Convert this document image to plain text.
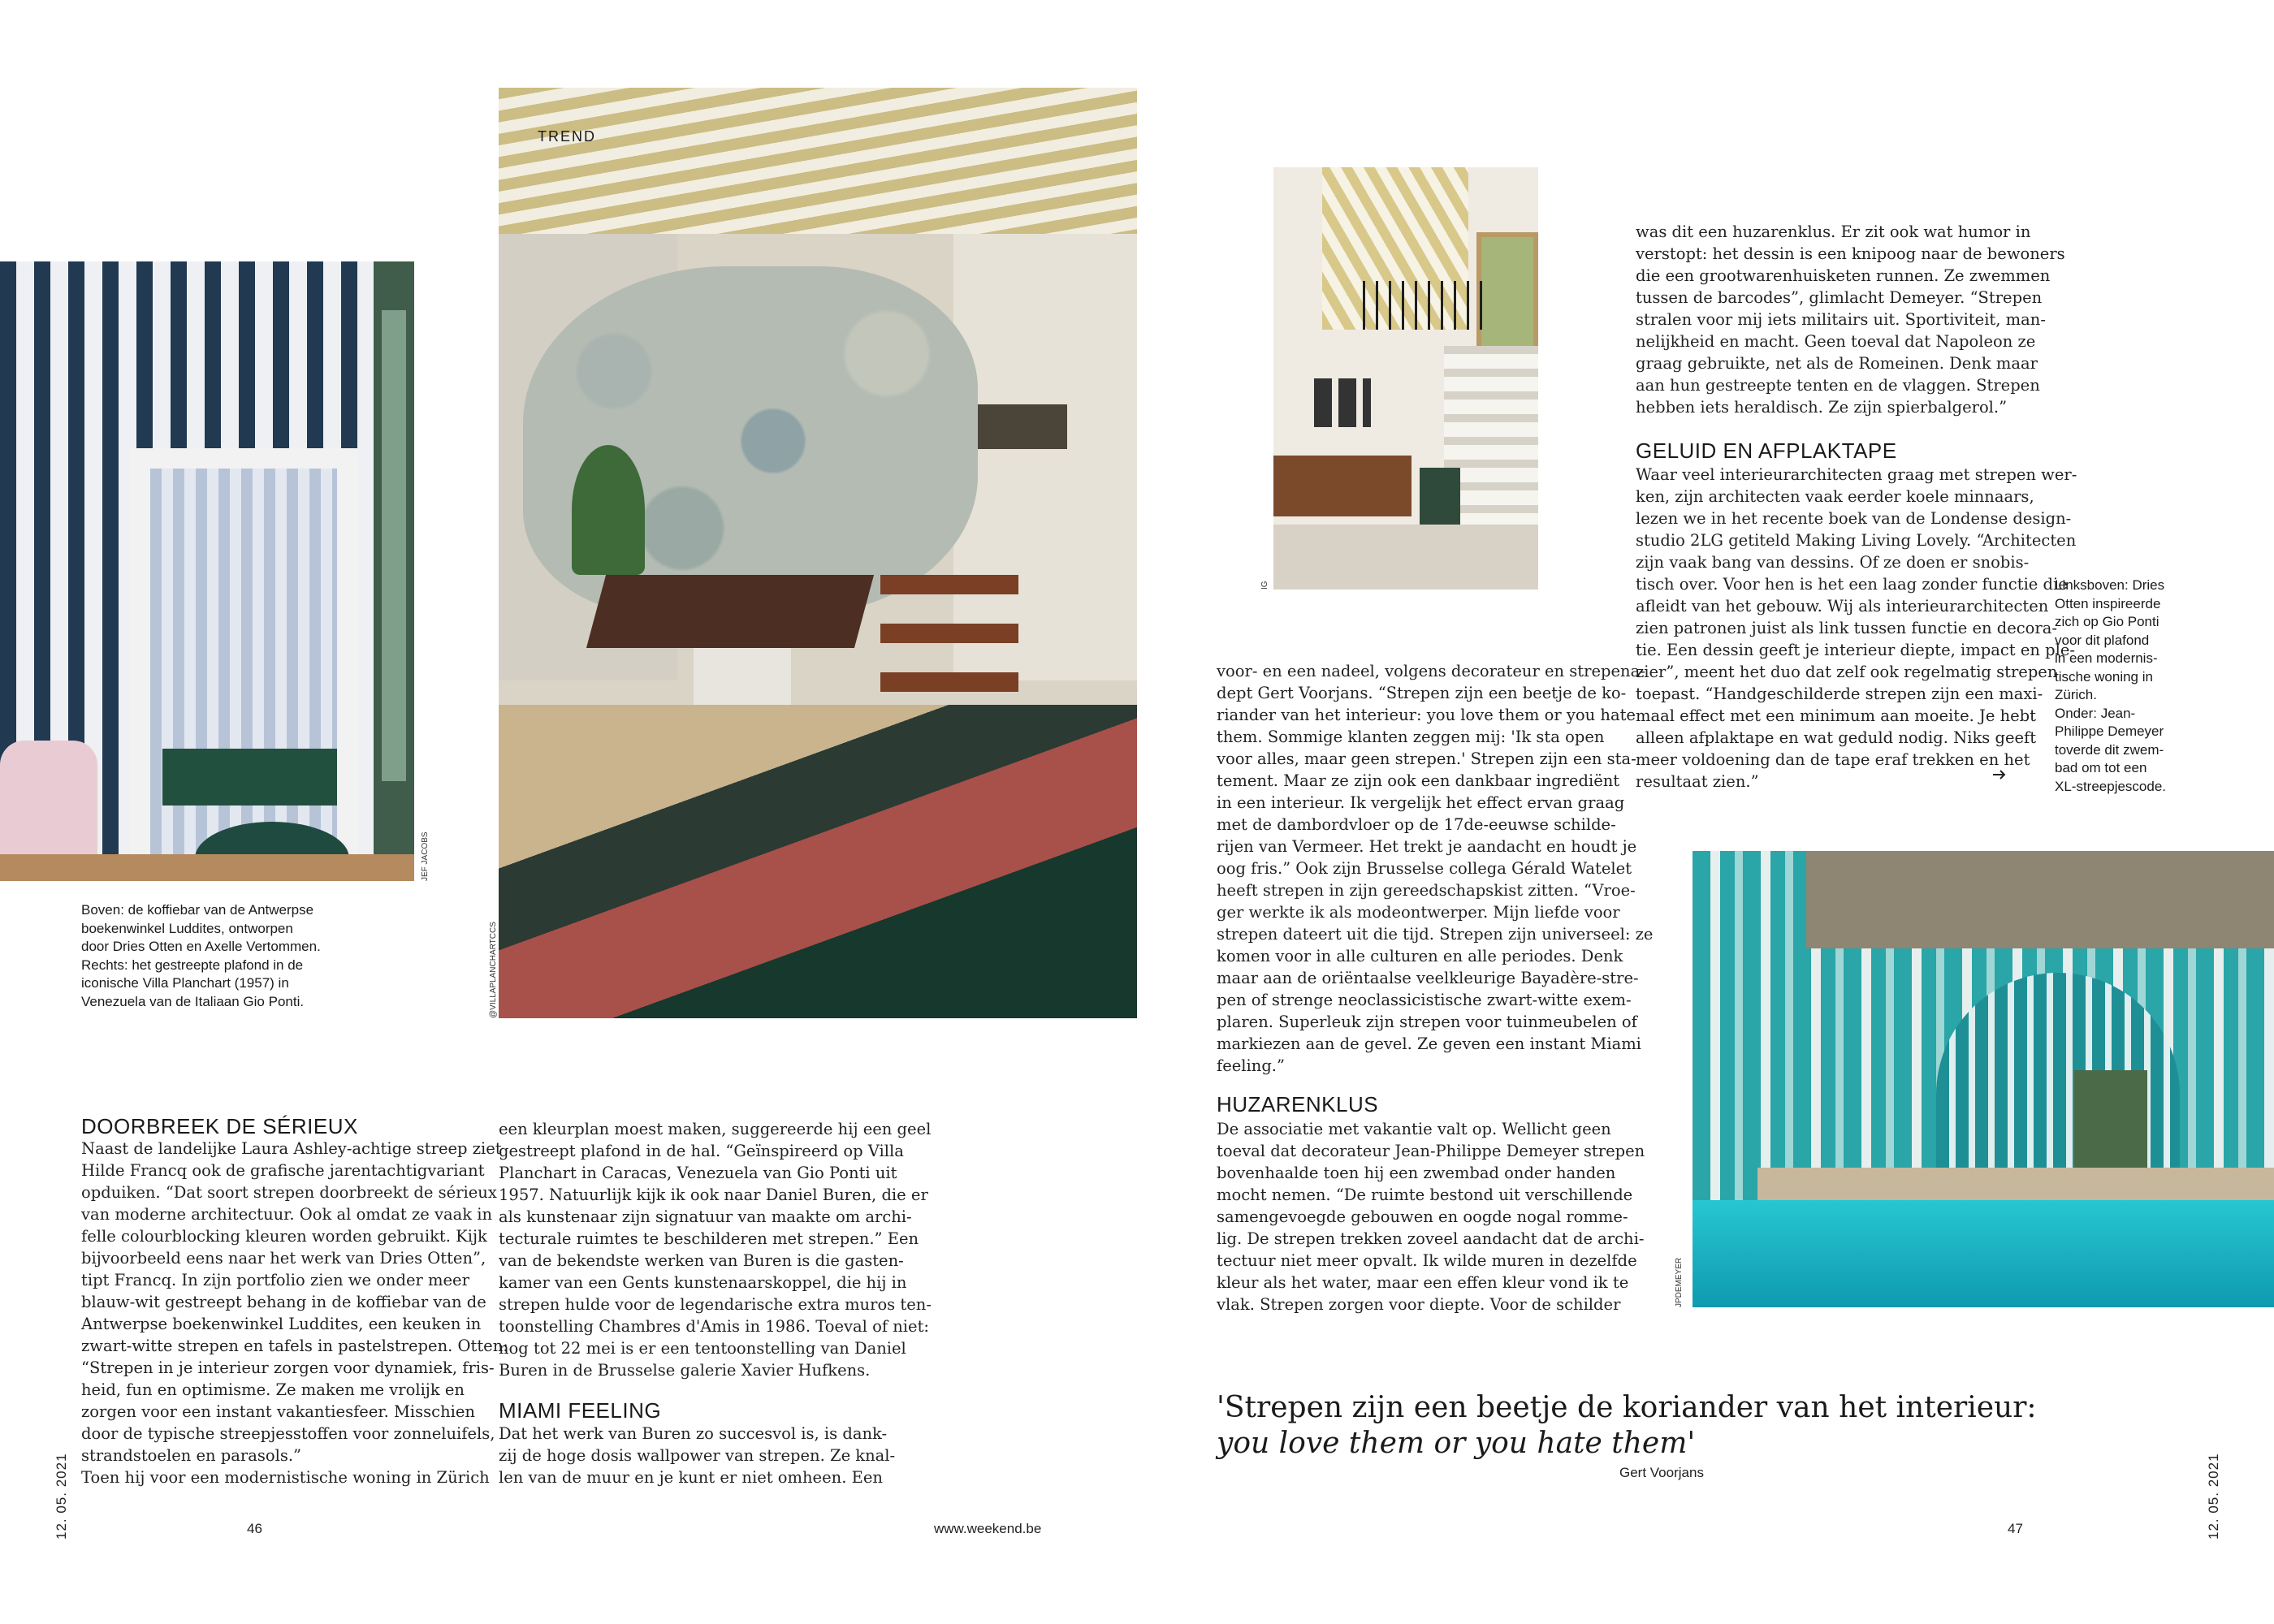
JEF JACOBS
Boven: de koffiebar van de Antwerpse
boekenwinkel Luddites, ontworpen
door Dries Otten en Axelle Vertommen.
Rechts: het gestreepte plafond in de
iconische Villa Planchart (1957) in
Venezuela van de Italiaan Gio Ponti.
TREND
@VILLAPLANCHARTCCS
IG
JPDEMEYER
Linksboven: Dries
Otten inspireerde
zich op Gio Ponti
voor dit plafond
in een modernis-
tische woning in
Zürich.
Onder: Jean-
Philippe Demeyer
toverde dit zwem-
bad om tot een
XL-streepjescode.
DOORBREEK DE SÉRIEUX
Naast de landelijke Laura Ashley-achtige streep ziet
Hilde Francq ook de grafische jarentachtigvariant
opduiken. “Dat soort strepen doorbreekt de sérieux
van moderne architectuur. Ook al omdat ze vaak in
felle colourblocking kleuren worden gebruikt. Kijk
bijvoorbeeld eens naar het werk van Dries Otten”,
tipt Francq. In zijn portfolio zien we onder meer
blauw-wit gestreept behang in de koffiebar van de
Antwerpse boekenwinkel Luddites, een keuken in
zwart-witte strepen en tafels in pastelstrepen. Otten:
“Strepen in je interieur zorgen voor dynamiek, fris-
heid, fun en optimisme. Ze maken me vrolijk en
zorgen voor een instant vakantiesfeer. Misschien
door de typische streepjesstoffen voor zonneluifels,
strandstoelen en parasols.”
Toen hij voor een modernistische woning in Zürich
een kleurplan moest maken, suggereerde hij een geel
gestreept plafond in de hal. “Geïnspireerd op Villa
Planchart in Caracas, Venezuela van Gio Ponti uit
1957. Natuurlijk kijk ik ook naar Daniel Buren, die er
als kunstenaar zijn signatuur van maakte om archi-
tecturale ruimtes te beschilderen met strepen.” Een
van de bekendste werken van Buren is die gasten-
kamer van een Gents kunstenaarskoppel, die hij in
strepen hulde voor de legendarische extra muros ten-
toonstelling Chambres d'Amis in 1986. Toeval of niet:
nog tot 22 mei is er een tentoonstelling van Daniel
Buren in de Brusselse galerie Xavier Hufkens.
MIAMI FEELING
Dat het werk van Buren zo succesvol is, is dank-
zij de hoge dosis wallpower van strepen. Ze knal-
len van de muur en je kunt er niet omheen. Een
voor- en een nadeel, volgens decorateur en strepena-
dept Gert Voorjans. “Strepen zijn een beetje de ko-
riander van het interieur: you love them or you hate
them. Sommige klanten zeggen mij: 'Ik sta open
voor alles, maar geen strepen.' Strepen zijn een sta-
tement. Maar ze zijn ook een dankbaar ingrediënt
in een interieur. Ik vergelijk het effect ervan graag
met de dambordvloer op de 17de-eeuwse schilde-
rijen van Vermeer. Het trekt je aandacht en houdt je
oog fris.” Ook zijn Brusselse collega Gérald Watelet
heeft strepen in zijn gereedschapskist zitten. “Vroe-
ger werkte ik als modeontwerper. Mijn liefde voor
strepen dateert uit die tijd. Strepen zijn universeel: ze
komen voor in alle culturen en alle periodes. Denk
maar aan de oriëntaalse veelkleurige Bayadère-stre-
pen of strenge neoclassicistische zwart-witte exem-
plaren. Superleuk zijn strepen voor tuinmeubelen of
markiezen aan de gevel. Ze geven een instant Miami
feeling.”
HUZARENKLUS
De associatie met vakantie valt op. Wellicht geen
toeval dat decorateur Jean-Philippe Demeyer strepen
bovenhaalde toen hij een zwembad onder handen
mocht nemen. “De ruimte bestond uit verschillende
samengevoegde gebouwen en oogde nogal romme-
lig. De strepen trekken zoveel aandacht dat de archi-
tectuur niet meer opvalt. Ik wilde muren in dezelfde
kleur als het water, maar een effen kleur vond ik te
vlak. Strepen zorgen voor diepte. Voor de schilder
was dit een huzarenklus. Er zit ook wat humor in
verstopt: het dessin is een knipoog naar de bewoners
die een grootwarenhuisketen runnen. Ze zwemmen
tussen de barcodes”, glimlacht Demeyer. “Strepen
stralen voor mij iets militairs uit. Sportiviteit, man-
nelijkheid en macht. Geen toeval dat Napoleon ze
graag gebruikte, net als de Romeinen. Denk maar
aan hun gestreepte tenten en de vlaggen. Strepen
hebben iets heraldisch. Ze zijn spierbalgerol.”
GELUID EN AFPLAKTAPE
Waar veel interieurarchitecten graag met strepen wer-
ken, zijn architecten vaak eerder koele minnaars,
lezen we in het recente boek van de Londense design-
studio 2LG getiteld Making Living Lovely. “Architecten
zijn vaak bang van dessins. Of ze doen er snobis-
tisch over. Voor hen is het een laag zonder functie die
afleidt van het gebouw. Wij als interieurarchitecten
zien patronen juist als link tussen functie en decora-
tie. Een dessin geeft je interieur diepte, impact en ple-
zier”, meent het duo dat zelf ook regelmatig strepen
toepast. “Handgeschilderde strepen zijn een maxi-
maal effect met een minimum aan moeite. Je hebt
alleen afplaktape en wat geduld nodig. Niks geeft
meer voldoening dan de tape eraf trekken en het
resultaat zien.”
'Strepen zijn een beetje de koriander van het interieur:
you love them or you hate them'
Gert Voorjans
46	www.weekend.be	47
12. 05. 2021	12. 05. 2021
